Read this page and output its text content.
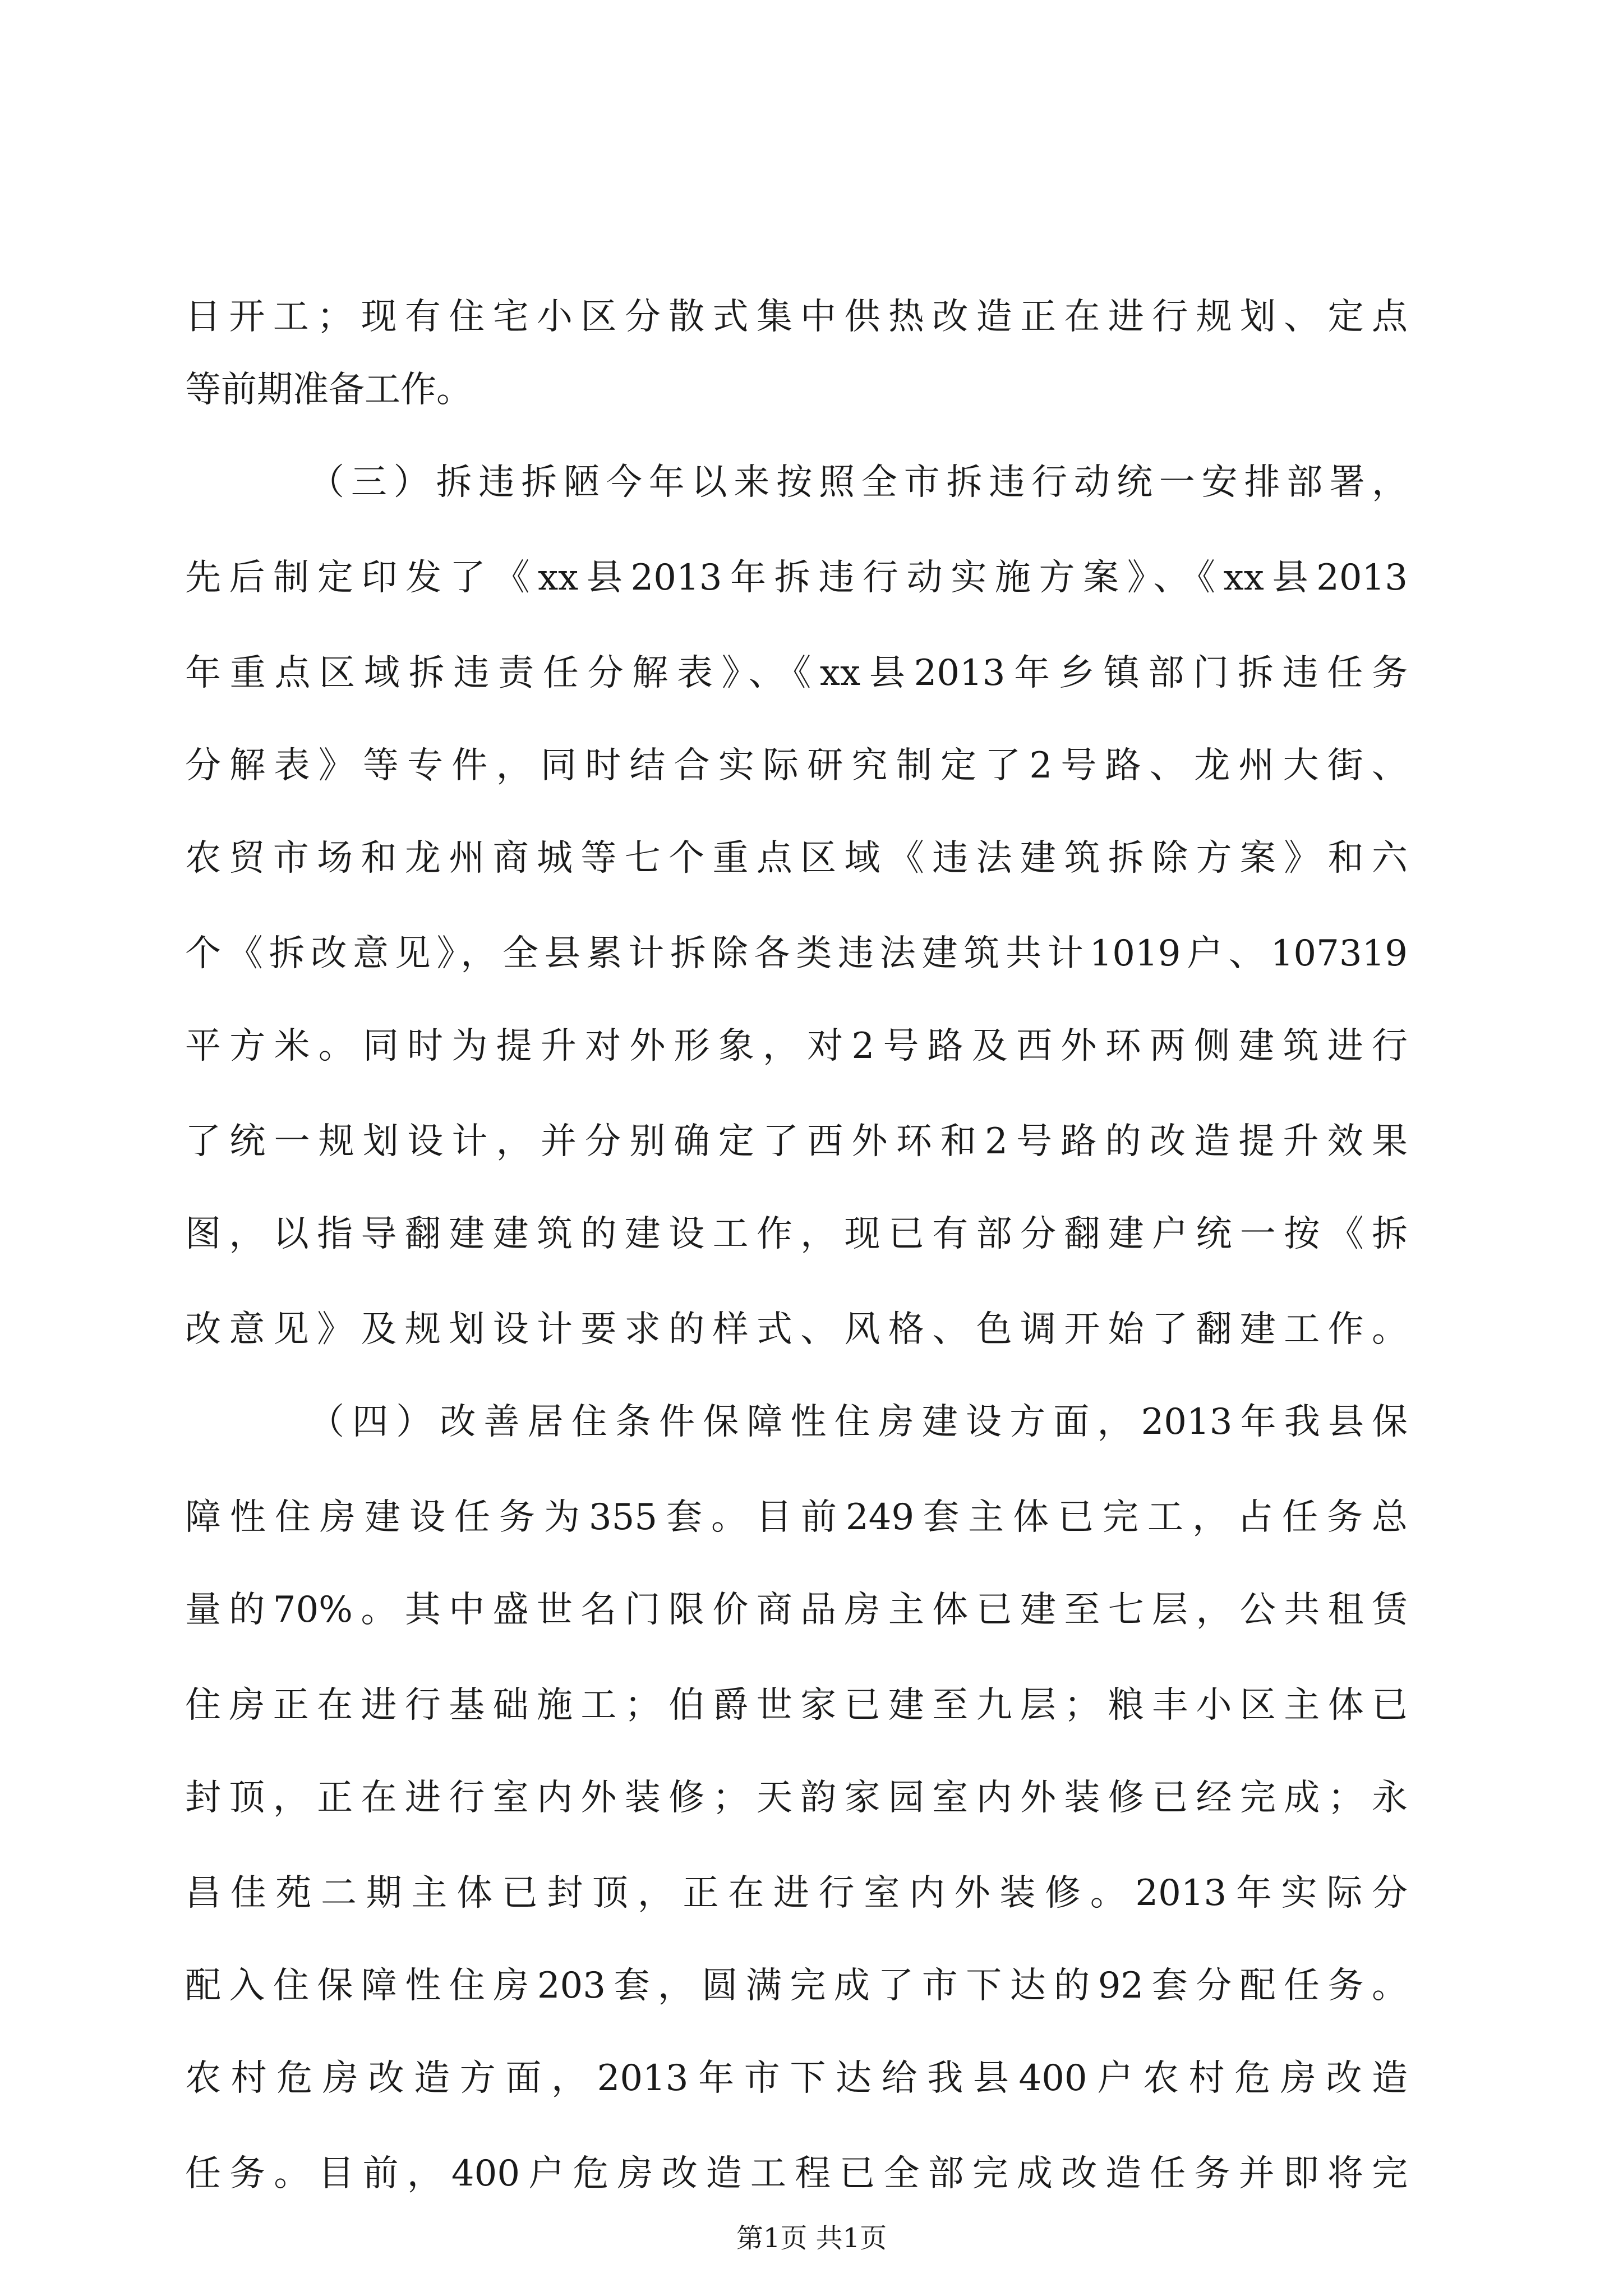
日开工；现有住宅小区分散式集中供热改造正在进行规划、定点
等前期准备工作。
（三）拆违拆陋今年以来按照全市拆违行动统一安排部署，
先后制定印发了《xx县2013年拆违行动实施方案》、《xx县2013
年重点区域拆违责任分解表》、《xx县2013年乡镇部门拆违任务
分解表》等专件，同时结合实际研究制定了2号路、龙州大街、
农贸市场和龙州商城等七个重点区域《违法建筑拆除方案》和六
个《拆改意见》，全县累计拆除各类违法建筑共计1019户、107319
平方米。同时为提升对外形象，对2号路及西外环两侧建筑进行
了统一规划设计，并分别确定了西外环和2号路的改造提升效果
图，以指导翻建建筑的建设工作，现已有部分翻建户统一按《拆
改意见》及规划设计要求的样式、风格、色调开始了翻建工作。
（四）改善居住条件保障性住房建设方面，2013年我县保
障性住房建设任务为355套。目前249套主体已完工，占任务总
量的70%。其中盛世名门限价商品房主体已建至七层，公共租赁
住房正在进行基础施工；伯爵世家已建至九层；粮丰小区主体已
封顶，正在进行室内外装修；天韵家园室内外装修已经完成；永
昌佳苑二期主体已封顶，正在进行室内外装修。2013年实际分
配入住保障性住房203套，圆满完成了市下达的92套分配任务。
农村危房改造方面，2013年市下达给我县400户农村危房改造
任务。目前，400户危房改造工程已全部完成改造任务并即将完
第1页 共1页
